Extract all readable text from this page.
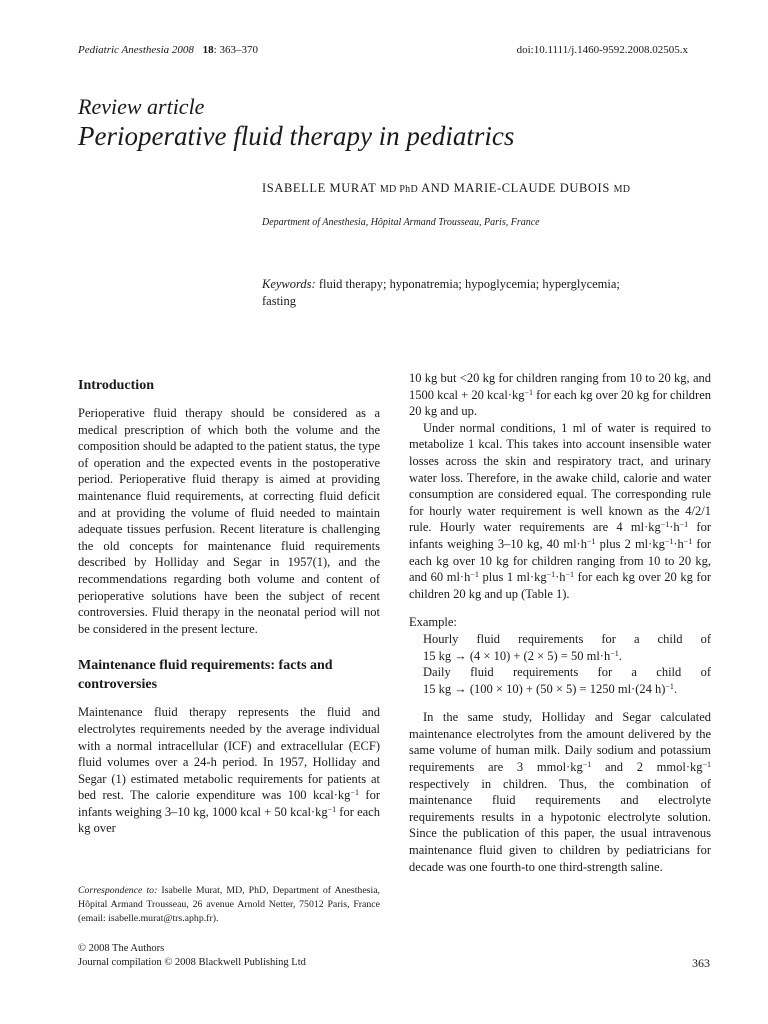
Pediatric Anesthesia 2008 18: 363–370	doi:10.1111/j.1460-9592.2008.02505.x
Review article
Perioperative fluid therapy in pediatrics
ISABELLE MURAT MD PhD AND MARIE-CLAUDE DUBOIS MD
Department of Anesthesia, Hôpital Armand Trousseau, Paris, France
Keywords: fluid therapy; hyponatremia; hypoglycemia; hyperglycemia; fasting
Introduction

Perioperative fluid therapy should be considered as a medical prescription of which both the volume and the composition should be adapted to the patient status, the type of operation and the expected events in the postoperative period. Perioperative fluid therapy is aimed at providing maintenance fluid requirements, at correcting fluid deficit and at providing the volume of fluid needed to maintain adequate tissues perfusion. Recent literature is challenging the old concepts for maintenance fluid requirements described by Holliday and Segar in 1957(1), and the recommendations regarding both volume and content of perioperative solutions have been the subject of recent controversies. Fluid therapy in the neonatal period will not be considered in the present lecture.

Maintenance fluid requirements: facts and controversies

Maintenance fluid therapy represents the fluid and electrolytes requirements needed by the average individual with a normal intracellular (ICF) and extracellular (ECF) fluid volumes over a 24-h period. In 1957, Holliday and Segar (1) estimated metabolic requirements for patients at bed rest. The calorie expenditure was 100 $kcal\cdot kg^{-1}$ for infants weighing 3–10 kg, 1000 kcal + 50 $kcal\cdot kg^{-1}$ for each kg over

Correspondence to: Isabelle Murat, MD, PhD, Department of Anesthesia, Hôpital Armand Trousseau, 26 avenue Arnold Netter, 75012 Paris, France (email: isabelle.murat@trs.aphp.fr).

10 kg but <20 kg for children ranging from 10 to 20 kg, and 1500 kcal + 20 $kcal\cdot kg^{-1}$ for each kg over 20 kg for children 20 kg and up.

Under normal conditions, 1 ml of water is required to metabolize 1 kcal. This takes into account insensible water losses across the skin and respiratory tract, and urinary water loss. Therefore, in the awake child, calorie and water consumption are considered equal. The corresponding rule for hourly water requirement is well known as the 4/2/1 rule. Hourly water requirements are 4 $ml\cdot kg^{-1}\cdot h^{-1}$ for infants weighing 3–10 kg, 40 $ml\cdot h^{-1}$ plus 2 $ml\cdot kg^{-1}\cdot h^{-1}$ for each kg over 10 kg for children ranging from 10 to 20 kg, and 60 $ml\cdot h^{-1}$ plus 1 $ml\cdot kg^{-1}\cdot h^{-1}$ for each kg over 20 kg for children 20 kg and up (Table 1).

Example:

Hourly fluid requirements for a child of

15 kg → (4 × 10) + (2 × 5) = 50 $ml\cdot h^{-1}$.

Daily fluid requirements for a child of

15 kg → (100 × 10) + (50 × 5) = 1250 ml·(24 h)$^{-1}$.

In the same study, Holliday and Segar calculated maintenance electrolytes from the amount delivered by the same volume of human milk. Daily sodium and potassium requirements are 3 $mmol\cdot kg^{-1}$ and 2 $mmol\cdot kg^{-1}$ respectively in children. Thus, the combination of maintenance fluid requirements and electrolyte requirements results in a hypotonic electrolyte solution. Since the publication of this paper, the usual intravenous maintenance fluid given to children by pediatricians for decade was one fourth-to one third-strength saline.

© 2008 The Authors
Journal compilation © 2008 Blackwell Publishing Ltd	363
